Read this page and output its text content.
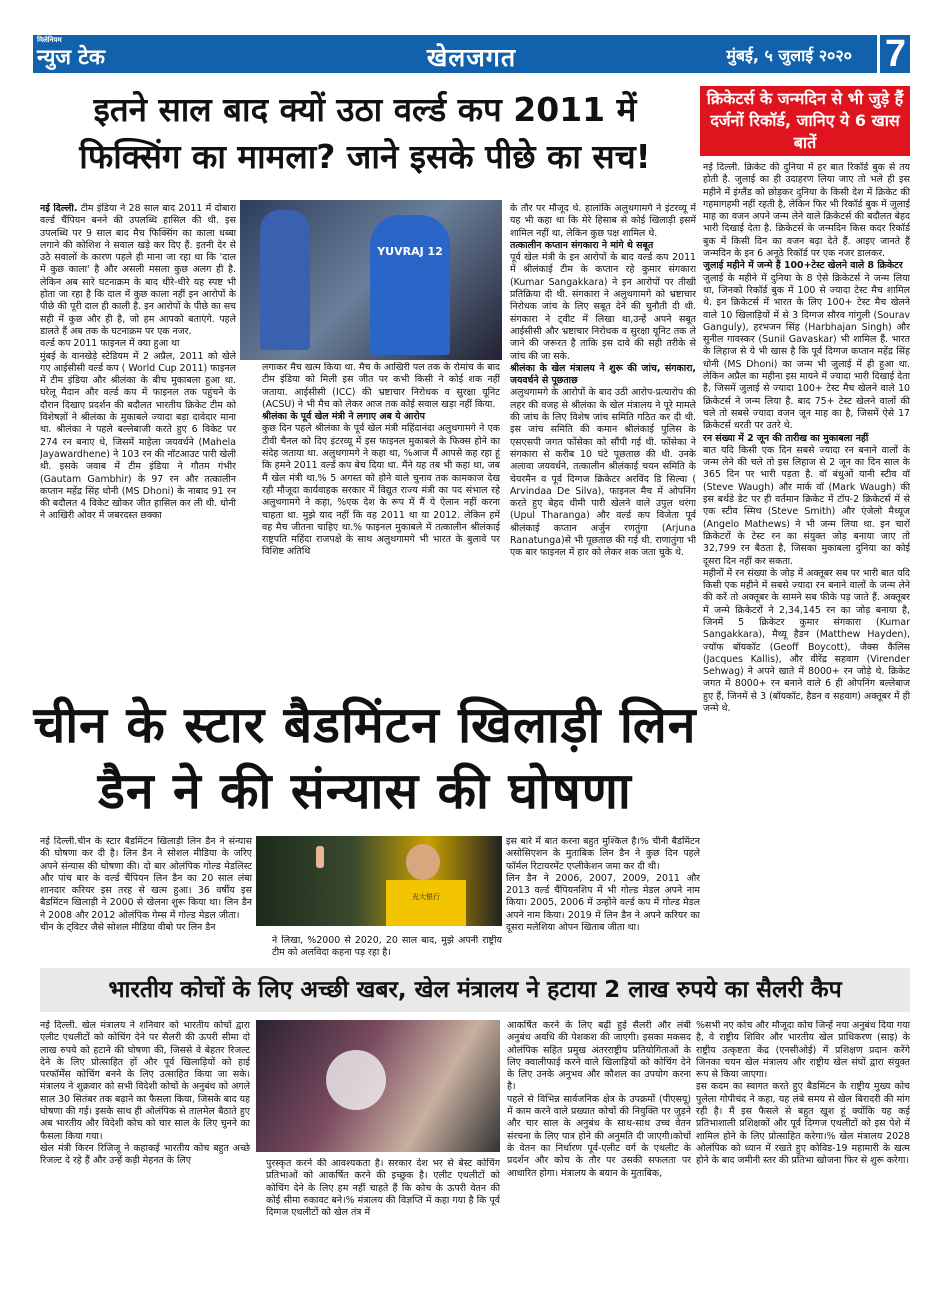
मिलेनियम
न्युज टेक	खेलजगत	मुंबई, ५ जुलाई २०२० 7
इतने साल बाद क्यों उठा वर्ल्ड कप 2011 में फिक्सिंग का मामला? जाने इसके पीछे का सच!

नई दिल्ली. टीम इंडिया ने 28 साल बाद 2011 में दोबारा वर्ल्ड चैंपियन बनने की उपलब्धि हासिल की थी. इस उपलब्धि पर 9 साल बाद मैच फिक्सिंग का काला धब्बा लगाने की कोशिश ने सवाल खड़े कर दिए हैं. इतनी देर से उठे सवालों के कारण पहले ही माना जा रहा था कि 'दाल में कुछ काला' है और असली मसला कुछ अलग ही है. लेकिन अब सारे घटनाक्रम के बाद धीरे-धीरे यह स्पष्ट भी होता जा रहा है कि दाल में कुछ काला नहीं इन आरोपों के पीछे की पूरी दाल ही काली है. इन आरोपों के पीछे का सच सही में कुछ और ही है, जो हम आपको बताएंगे. पहले डालते हैं अब तक के घटनाक्रम पर एक नजर.

वर्ल्ड कप 2011 फाइनल में क्या हुआ था

मुंबई के वानखेड़े स्टेडियम में 2 अप्रैल, 2011 को खेले गए आईसीसी वर्ल्ड कप ( World Cup 2011) फाइनल में टीम इंडिया और श्रीलंका के बीच मुकाबला हुआ था. घरेलू मैदान और वर्ल्ड कप में फाइनल तक पहुंचने के दौरान दिखाए प्रदर्शन की बदौलत भारतीय क्रिकेट टीम को विशेषज्ञों ने श्रीलंका के मुकाबले ज्यादा बड़ा दावेदार माना था. श्रीलंका ने पहले बल्लेबाजी करते हुए 6 विकेट पर 274 रन बनाए थे, जिसमें माहेला जयवर्धने (Mahela Jayawardhene) ने 103 रन की नॉटआउट पारी खेली थी. इसके जवाब में टीम इंडिया ने गौतम गंभीर (Gautam Gambhir) के 97 रन और तत्कालीन कप्तान महेंद्र सिंह धोनी (MS Dhoni) के नाबाद 91 रन की बदौलत 4 विकेट खोकर जीत हासिल कर ली थी. धोनी ने आखिरी ओवर में जबरदस्त छक्का

YUVRAJ 12

लगाकर मैच खत्म किया था. मैच के आखिरी पल तक के रोमांच के बाद टीम इंडिया को मिली इस जीत पर कभी किसी ने कोई शक नहीं जताया. आईसीसी (ICC) की भ्रष्टाचार निरोधक व सुरक्षा यूनिट (ACSU) ने भी मैच को लेकर आज तक कोई सवाल खड़ा नहीं किया.

श्रीलंका के पूर्व खेल मंत्री ने लगाए अब ये आरोप

कुछ दिन पहले श्रीलंका के पूर्व खेल मंत्री महिंदानंदा अलुथगामगे ने एक टीवी चैनल को दिए इंटरव्यू में इस फाइनल मुकाबले के फिक्स होने का संदेह जताया था. अलुथगामगे ने कहा था, %आज मैं आपसे कह रहा हूं कि हमने 2011 वर्ल्ड कप बेच दिया था. मैंने यह तब भी कहा था, जब मैं खेल मंत्री था.% 5 अगस्त को होने वाले चुनाव तक कामकाज देख रही मौजूदा कार्यवाहक सरकार में विद्युत राज्य मंत्री का पद संभाल रहे अलुथगामगे ने कहा, %एक देश के रूप में मैं ये ऐलान नहीं करना चाहता था. मुझे याद नहीं कि वह 2011 था या 2012. लेकिन हमें वह मैच जीतना चाहिए था.% फाइनल मुकाबले में तत्कालीन श्रीलंकाई राष्ट्रपति महिंदा राजपक्षे के साथ अलुथगामगे भी भारत के बुलावे पर विशिष्ट अतिथि

के तौर पर मौजूद थे. हालांकि अलुथगामगे ने इंटरव्यू में यह भी कहा था कि मेरे हिसाब से कोई खिलाड़ी इसमें शामिल नहीं था, लेकिन कुछ पक्ष शामिल थे.

तत्कालीन कप्तान संगकारा ने मांगे थे सबूत

पूर्व खेल मंत्री के इन आरोपों के बाद वर्ल्ड कप 2011 में श्रीलंकाई टीम के कप्तान रहे कुमार संगकारा (Kumar Sangakkara) ने इन आरोपों पर तीखी प्रतिक्रिया दी थी. संगकारा ने अलुथगामगे को भ्रष्टाचार निरोधक जांच के लिए सबूत देने की चुनौती दी थी. संगकारा ने ट्वीट में लिखा था,उन्हें अपने सबूत आईसीसी और भ्रष्टाचार निरोधक व सुरक्षा यूनिट तक ले जाने की जरूरत है ताकि इस दावे की सही तरीके से जांच की जा सके.

श्रीलंका के खेल मंत्रालय ने शुरू की जांच, संगकारा, जयवर्धने से पूछताछ

अलुथगामगे के आरोपों के बाद उठी आरोप-प्रत्यारोप की लहर की वजह से श्रीलंका के खेल मंत्रालय ने पूरे मामले की जांच के लिए विशेष जांच समिति गठित कर दी थी. इस जांच समिति की कमान श्रीलंकाई पुलिस के एसएसपी जगत फोंसेका को सौंपी गई थी. फोंसेका ने संगकारा से करीब 10 घंटे पूछताछ की थी. उनके अलावा जयवर्धने, तत्कालीन श्रीलंकाई चयन समिति के चेयरमैन व पूर्व दिग्गज क्रिकेटर अरविंद डि सिल्वा ( Arvindaa De Silva), फाइनल मैच में ओपनिंग करते हुए बेहद धीमी पारी खेलने वाले उपुल थरंगा (Upul Tharanga) और वर्ल्ड कप विजेता पूर्व श्रीलंकाई कप्तान अर्जुन रणतुंगा (Arjuna Ranatunga)से भी पूछताछ की गई थी. राणातुंगा भी एक बार फाइनल में हार को लेकर शक जता चुके थे.

क्रिकेटर्स के जन्मदिन से भी जुड़े हैं दर्जनों रिकॉर्ड, जानिए ये 6 खास बातें

नई दिल्ली. क्रिकेट की दुनिया में हर बात रिकॉर्ड बुक से तय होती है. जुलाई का ही उदाहरण लिया जाए तो भले ही इस महीने में इंग्लैंड को छोड़कर दुनिया के किसी देश में क्रिकेट की गहमागहमी नहीं रहती है, लेकिन फिर भी रिकॉर्ड बुक में जुलाई माह का वजन अपने जन्म लेने वाले क्रिकेटर्स की बदौलत बेहद भारी दिखाई देता है. क्रिकेटर्स के जन्मदिन किस कदर रिकॉर्ड बुक में किसी दिन का वजन बढ़ा देते हैं. आइए जानते हैं जन्मदिन के इन 6 अनूठे रिकॉर्ड पर एक नजर डालकर.

जुलाई महीने में जन्मे हैं 100+टेस्ट खेलने वाले 8 क्रिकेटर

जुलाई के महीने में दुनिया के 8 ऐसे क्रिकेटर्स ने जन्म लिया था, जिनको रिकॉर्ड बुक में 100 से ज्यादा टेस्ट मैच शामिल थे. इन क्रिकेटर्स में भारत के लिए 100+ टेस्ट मैच खेलने वाले 10 खिलाड़ियों में से 3 दिग्गज सौरव गांगुली (Sourav Ganguly), हरभजन सिंह (Harbhajan Singh) और सुनील गावस्कर (Sunil Gavaskar) भी शामिल हैं. भारत के लिहाज से ये भी खास है कि पूर्व दिग्गज कप्तान महेंद्र सिंह धोनी (MS Dhoni) का जन्म भी जुलाई में ही हुआ था. लेकिन अप्रैल का महीना इस मायने में ज्यादा भारी दिखाई देता है, जिसमें जुलाई से ज्यादा 100+ टेस्ट मैच खेलने वाले 10 क्रिकेटर्स ने जन्म लिया है. बाद 75+ टेस्ट खेलने वालों की चले तो सबसे ज्यादा वजन जून माह का है, जिसमें ऐसे 17 क्रिकेटर्स धरती पर उतरे थे.

रन संख्या में 2 जून की तारीख का मुकाबला नहीं

बात यदि किसी एक दिन सबसे ज्यादा रन बनाने वालों के जन्म लेने की चले तो इस लिहाज से 2 जून का दिन साल के 365 दिन पर भारी पड़ता है. वॉ बंधुओं यानी स्टीव वॉ (Steve Waugh) और मार्क वॉ (Mark Waugh) की इस बर्थडे डेट पर ही वर्तमान क्रिकेट में टॉप-2 क्रिकेटर्स में से एक स्टीव स्मिथ (Steve Smith) और एंजेलो मैथ्यूज (Angelo Mathews) ने भी जन्म लिया था. इन चारों क्रिकेटरों के टेस्ट रन का संयुक्त जोड़ बनाया जाए तो 32,799 रन बैठता है, जिसका मुकाबला दुनिया का कोई दूसरा दिन नहीं कर सकता.

महीनों में रन संख्या के जोड़ में अक्तूबर सब पर भारी बात यदि किसी एक महीने में सबसे ज्यादा रन बनाने वालों के जन्म लेने की करें तो अक्तूबर के सामने सब फीके पड़ जाते हैं. अक्तूबर में जन्मे क्रिकेटरों ने 2,34,145 रन का जोड़ बनाया है, जिनमें 5 क्रिकेटर कुमार संगकारा (Kumar Sangakkara), मैथ्यू हैडन (Matthew Hayden), ज्यॉफ बॉयकॉट (Geoff Boycott), जैक्स कैलिस (Jacques Kallis), और वीरेंद्र सहवाग (Virender Sehwag) ने अपने खाते में 8000+ रन जोड़े थे. क्रिकेट जगत में 8000+ रन बनाने वाले 6 ही ओपनिंग बल्लेबाज हुए हैं, जिनमें से 3 (बॉयकॉट, हैडन व सहवाग) अक्तूबर में ही जन्मे थे.

चीन के स्टार बैडमिंटन खिलाड़ी लिन डैन ने की संन्यास की घोषणा

नई दिल्ली.चीन के स्टार बैडमिंटन खिलाड़ी लिन डैन ने संन्यास की घोषणा कर दी है। लिन डैन ने सोशल मीडिया के जरिए अपने संन्यास की घोषणा की। दो बार ओलंपिक गोल्ड मेडलिस्ट और पांच बार के वर्ल्ड चैंपियन लिन डैन का 20 साल लंबा शानदार करियर इस तरह से खत्म हुआ। 36 वर्षीय इस बैडमिंटन खिलाड़ी ने 2000 से खेलना शुरू किया था। लिन डैन ने 2008 और 2012 ओलंपिक गेम्स में गोल्ड मेडल जीता।

चीन के ट्विटर जैसे सोशल मीडिया वीबो पर लिन डैन

光大银行

ने लिखा, %2000 से 2020, 20 साल बाद, मुझे अपनी राष्ट्रीय टीम को अलविदा कहना पड़ रहा है।

इस बारे में बात करना बहुत मुश्किल है।% चीनी बैडमिंटन असोसिएशन के मुताबिक लिन डैन ने कुछ दिन पहले फॉर्मल रिटायरमेंट एप्लीकेशन जमा कर दी थी।

लिन डैन ने 2006, 2007, 2009, 2011 और 2013 वर्ल्ड चैंपियनशिप में भी गोल्ड मेडल अपने नाम किया। 2005, 2006 में उन्होंने वर्ल्ड कप में गोल्ड मेडल अपने नाम किया। 2019 में लिन डैन ने अपने करियर का दूसरा मलेशिया ओपन खिताब जीता था।

भारतीय कोचों के लिए अच्छी खबर, खेल मंत्रालय ने हटाया 2 लाख रुपये का सैलरी कैप

नई दिल्ली. खेल मंत्रालय ने शनिवार को भारतीय कोचों द्वारा एलीट एथलीटों को कोचिंग देने पर सैलरी की ऊपरी सीमा दो लाख रुपये को हटाने की घोषणा की, जिससे वे बेहतर रिजल्ट देने के लिए प्रोत्साहित हों और पूर्व खिलाड़ियों को हाई परफॉर्मेंस कोचिंग बनने के लिए उत्साहित किया जा सके। मंत्रालय ने शुक्रवार को सभी विदेशी कोचों के अनुबंध को अगले साल 30 सितंबर तक बढ़ाने का फैसला किया, जिसके बाद यह घोषणा की गई। इसके साथ ही ओलंपिक से तालमेल बैठाते हुए अब भारतीय और विदेशी कोच को चार साल के लिए चुनने का फैसला किया गया।

खेल मंत्री किरन रिजिजू ने कहाकई भारतीय कोच बहुत अच्छे रिजल्ट दे रहे हैं और उन्हें कड़ी मेहनत के लिए	पुरस्कृत करने की आवश्यकता है। सरकार देश भर से बेस्ट कोचिंग प्रतिभाओं को आकर्षित करने की इच्छुक है। एलीट एथलीटों को कोचिंग देने के लिए हम नहीं चाहते हैं कि कोच के ऊपरी वेतन की कोई सीमा रुकावट बने।% मंत्रालय की विज्ञप्ति में कहा गया है कि पूर्व दिग्गज एथलीटों को खेल तंत्र में

आकर्षित करने के लिए बढ़ी हुई सैलरी और लंबी अनुबंध अवधि की पेशकश की जाएगी। इसका मकसद ओलंपिक सहित प्रमुख अंतरराष्ट्रीय प्रतियोगिताओं के लिए क्वालीफाई करने वाले खिलाड़ियों को कोचिंग देने के लिए उनके अनुभव और कौशल का उपयोग करना है।

पहले से विभिन्न सार्वजनिक क्षेत्र के उपक्रमों (पीएसयू) में काम करने वाले प्रख्यात कोचों की नियुक्ति पर जुड़ने और चार साल के अनुबंध के साथ-साथ उच्च वेतन संरचना के लिए पात्र होने की अनुमति दी जाएगी।कोचों के वेतन का निर्धारण पूर्व-एलीट वर्ग के एथलीट के प्रदर्शन और कोच के तौर पर उसकी सफलता पर आधारित होगा। मंत्रालय के बयान के मुताबिक,

%सभी नए कोच और मौजूदा कोच जिन्हें नया अनुबंध दिया गया है, वे राष्ट्रीय शिविर और भारतीय खेल प्राधिकरण (साइ) के राष्ट्रीय उत्कृष्टता केंद्र (एनसीओई) में प्रशिक्षण प्रदान करेंगे जिनका चयन खेल मंत्रालय और राष्ट्रीय खेल संघों द्वारा संयुक्त रूप से किया जाएगा।

इस कदम का स्वागत करते हुए बैडमिंटन के राष्ट्रीय मुख्य कोच पुलेला गोपीचंद ने कहा, यह लंबे समय से खेल बिरादरी की मांग रही है। मैं इस फैसले से बहुत खुश हूं क्योंकि यह कई प्रतिभाशाली प्रशिक्षकों और पूर्व दिग्गज एथलीटों को इस पेशे में शामिल होने के लिए प्रोत्साहित करेगा।% खेल मंत्रालय 2028 ओलंपिक को ध्यान में रखते हुए कोविड-19 महामारी के खत्म होने के बाद जमीनी स्तर की प्रतिभा खोजना फिर से शुरू करेगा।
